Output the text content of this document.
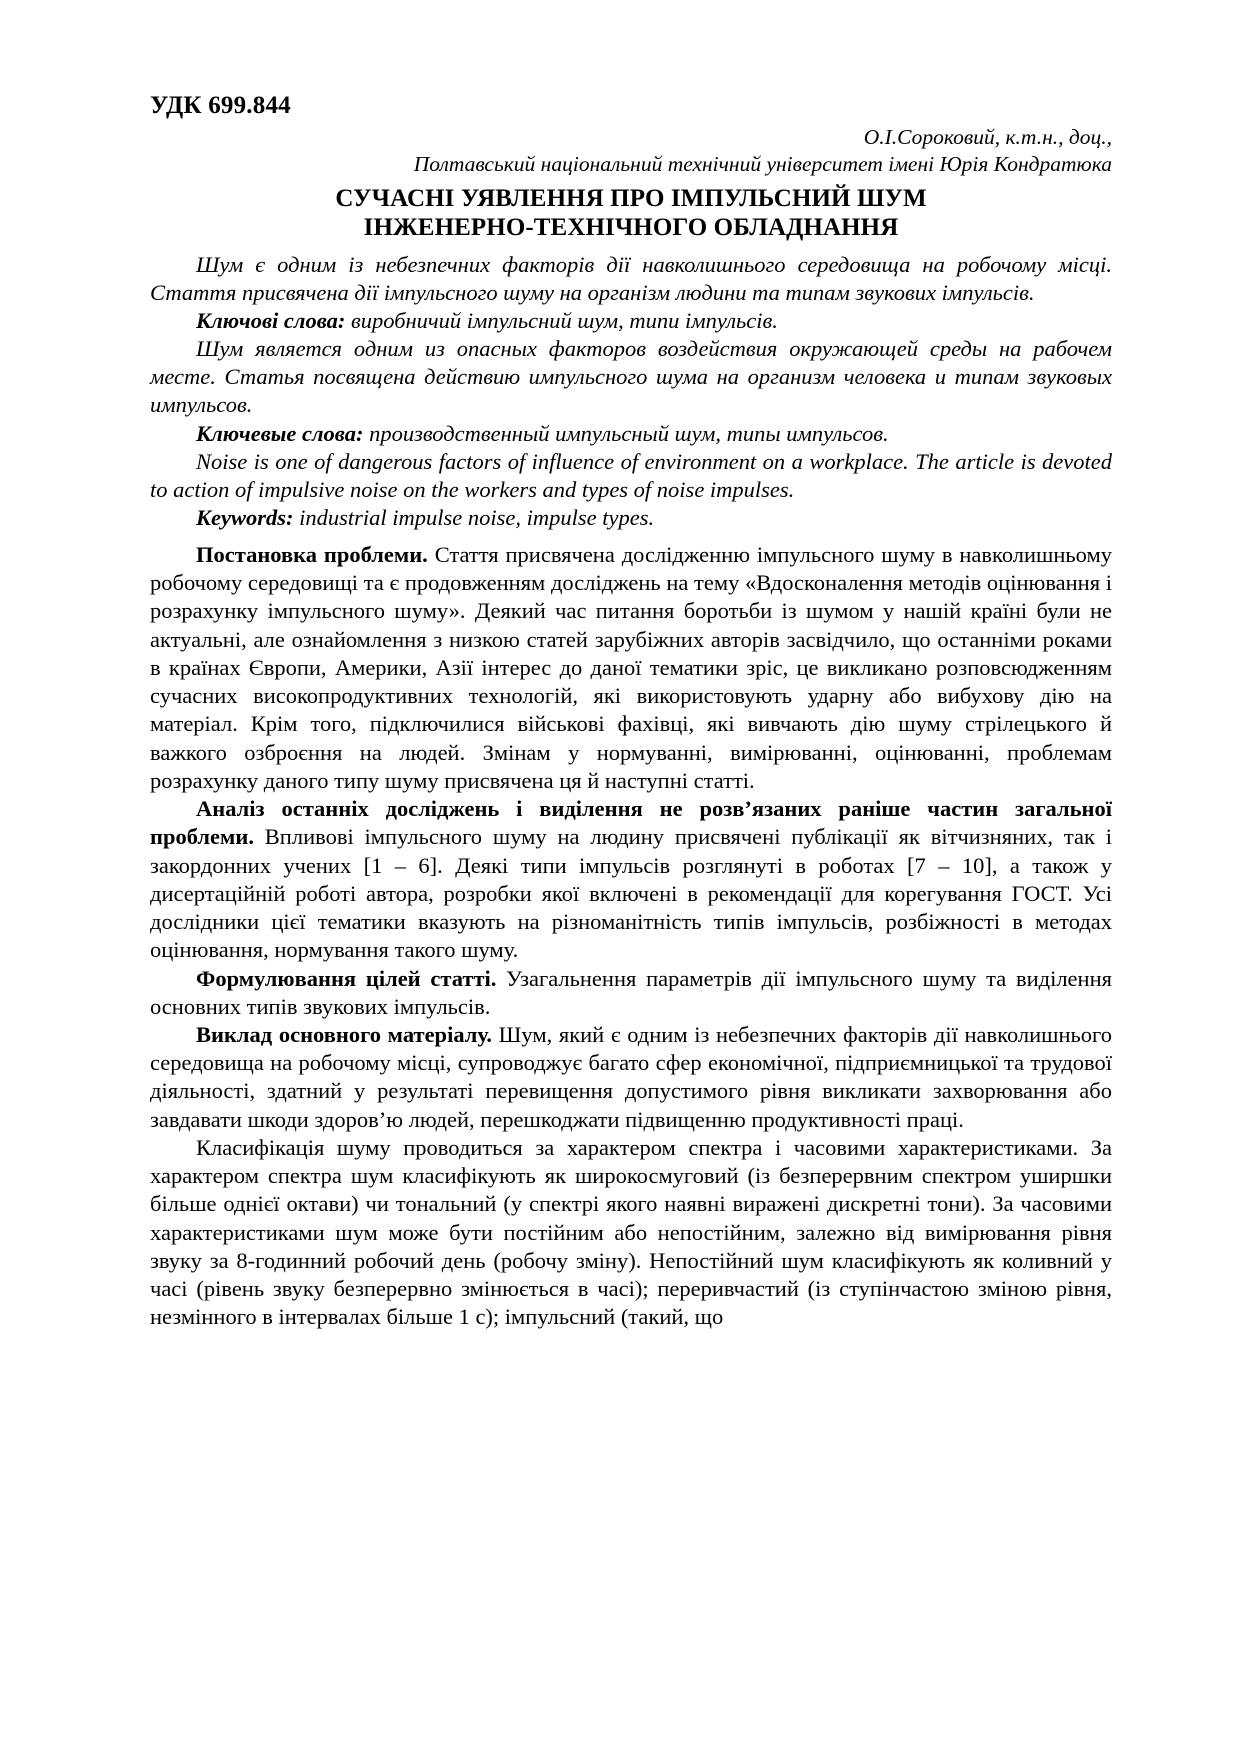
УДК 699.844
О.І.Сороковий, к.т.н., доц.,
Полтавський національний технічний університет імені Юрія Кондратюка
СУЧАСНІ УЯВЛЕННЯ ПРО ІМПУЛЬСНИЙ ШУМ
ІНЖЕНЕРНО-ТЕХНІЧНОГО ОБЛАДНАННЯ

Шум є одним із небезпечних факторів дії навколишнього середовища на робочому місці. Стаття присвячена дії імпульсного шуму на організм людини та типам звукових імпульсів.

Ключові слова: виробничий імпульсний шум, типи імпульсів.

Шум является одним из опасных факторов воздействия окружающей среды на рабочем месте. Статья посвящена действию импульсного шума на организм человека и типам звуковых импульсов.

Ключевые слова: производственный импульсный шум, типы импульсов.

Noise is one of dangerous factors of influence of environment on a workplace. The article is devoted to action of impulsive noise on the workers and types of noise impulses.

Keywords: industrial impulse noise, impulse types.

Постановка проблеми. Стаття присвячена дослідженню імпульсного шуму в навколишньому робочому середовищі та є продовженням досліджень на тему «Вдосконалення методів оцінювання і розрахунку імпульсного шуму». Деякий час питання боротьби із шумом у нашій країні були не актуальні, але ознайомлення з низкою статей зарубіжних авторів засвідчило, що останніми роками в країнах Європи, Америки, Азії інтерес до даної тематики зріс, це викликано розповсюдженням сучасних високопродуктивних технологій, які використовують ударну або вибухову дію на матеріал. Крім того, підключилися військові фахівці, які вивчають дію шуму стрілецького й важкого озброєння на людей. Змінам у нормуванні, вимірюванні, оцінюванні, проблемам розрахунку даного типу шуму присвячена ця й наступні статті.

Аналіз останніх досліджень і виділення не розв’язаних раніше частин загальної проблеми. Впливові імпульсного шуму на людину присвячені публікації як вітчизняних, так і закордонних учених [1 – 6]. Деякі типи імпульсів розглянуті в роботах [7 – 10], а також у дисертаційній роботі автора, розробки якої включені в рекомендації для корегування ГОСТ. Усі дослідники цієї тематики вказують на різноманітність типів імпульсів, розбіжності в методах оцінювання, нормування такого шуму.

Формулювання цілей статті. Узагальнення параметрів дії імпульсного шуму та виділення основних типів звукових імпульсів.

Виклад основного матеріалу. Шум, який є одним із небезпечних факторів дії навколишнього середовища на робочому місці, супроводжує багато сфер економічної, підприємницької та трудової діяльності, здатний у результаті перевищення допустимого рівня викликати захворювання або завдавати шкоди здоров’ю людей, перешкоджати підвищенню продуктивності праці.

Класифікація шуму проводиться за характером спектра і часовими характеристиками. За характером спектра шум класифікують як широкосмуговий (із безперервним спектром уширшки більше однієї октави) чи тональний (у спектрі якого наявні виражені дискретні тони). За часовими характеристиками шум може бути постійним або непостійним, залежно від вимірювання рівня звуку за 8-годинний робочий день (робочу зміну). Непостійний шум класифікують як коливний у часі (рівень звуку безперервно змінюється в часі); переривчастий (із ступінчастою зміною рівня, незмінного в інтервалах більше 1 с); імпульсний (такий, що
